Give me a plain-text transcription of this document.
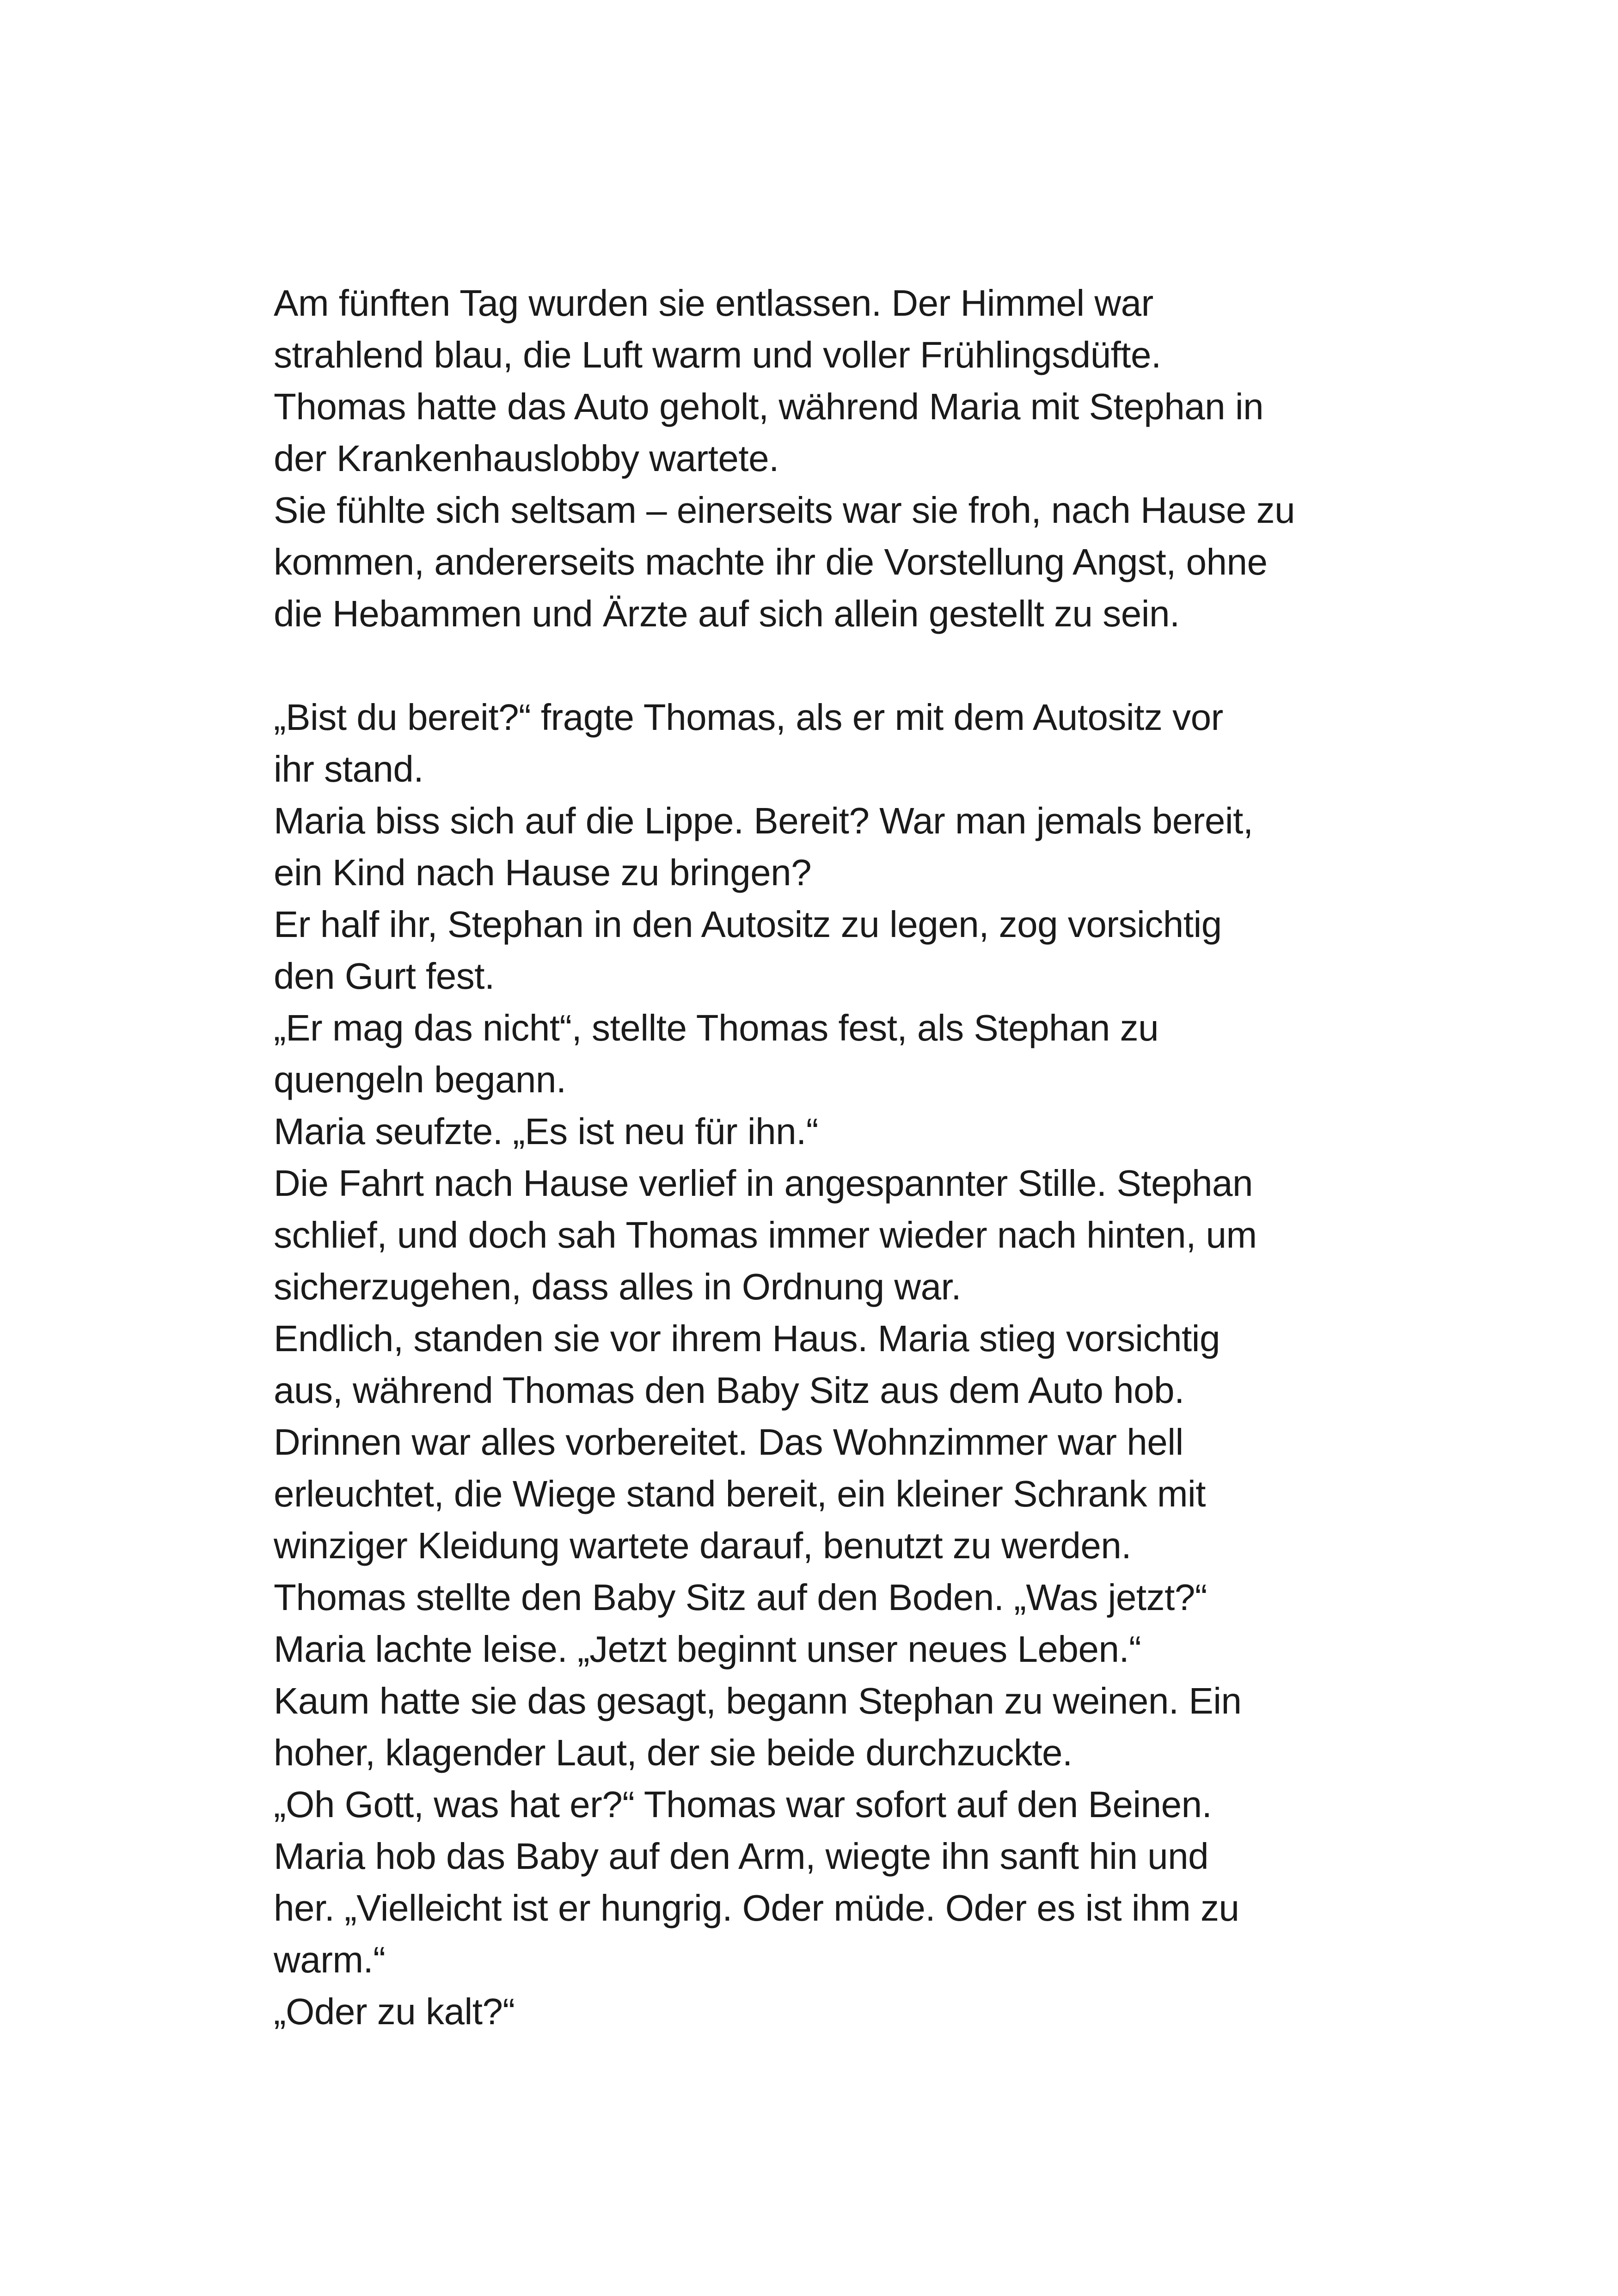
Am fünften Tag wurden sie entlassen. Der Himmel war
strahlend blau, die Luft warm und voller Frühlingsdüfte.
Thomas hatte das Auto geholt, während Maria mit Stephan in
der Krankenhauslobby wartete.
Sie fühlte sich seltsam – einerseits war sie froh, nach Hause zu
kommen, andererseits machte ihr die Vorstellung Angst, ohne
die Hebammen und Ärzte auf sich allein gestellt zu sein.
„Bist du bereit?“ fragte Thomas, als er mit dem Autositz vor
ihr stand.
Maria biss sich auf die Lippe. Bereit? War man jemals bereit,
ein Kind nach Hause zu bringen?
Er half ihr, Stephan in den Autositz zu legen, zog vorsichtig
den Gurt fest.
„Er mag das nicht“, stellte Thomas fest, als Stephan zu
quengeln begann.
Maria seufzte. „Es ist neu für ihn.“
Die Fahrt nach Hause verlief in angespannter Stille. Stephan
schlief, und doch sah Thomas immer wieder nach hinten, um
sicherzugehen, dass alles in Ordnung war.
Endlich, standen sie vor ihrem Haus. Maria stieg vorsichtig
aus, während Thomas den Baby Sitz aus dem Auto hob.
Drinnen war alles vorbereitet. Das Wohnzimmer war hell
erleuchtet, die Wiege stand bereit, ein kleiner Schrank mit
winziger Kleidung wartete darauf, benutzt zu werden.
Thomas stellte den Baby Sitz auf den Boden. „Was jetzt?“
Maria lachte leise. „Jetzt beginnt unser neues Leben.“
Kaum hatte sie das gesagt, begann Stephan zu weinen. Ein
hoher, klagender Laut, der sie beide durchzuckte.
„Oh Gott, was hat er?“ Thomas war sofort auf den Beinen.
Maria hob das Baby auf den Arm, wiegte ihn sanft hin und
her. „Vielleicht ist er hungrig. Oder müde. Oder es ist ihm zu
warm.“
„Oder zu kalt?“
